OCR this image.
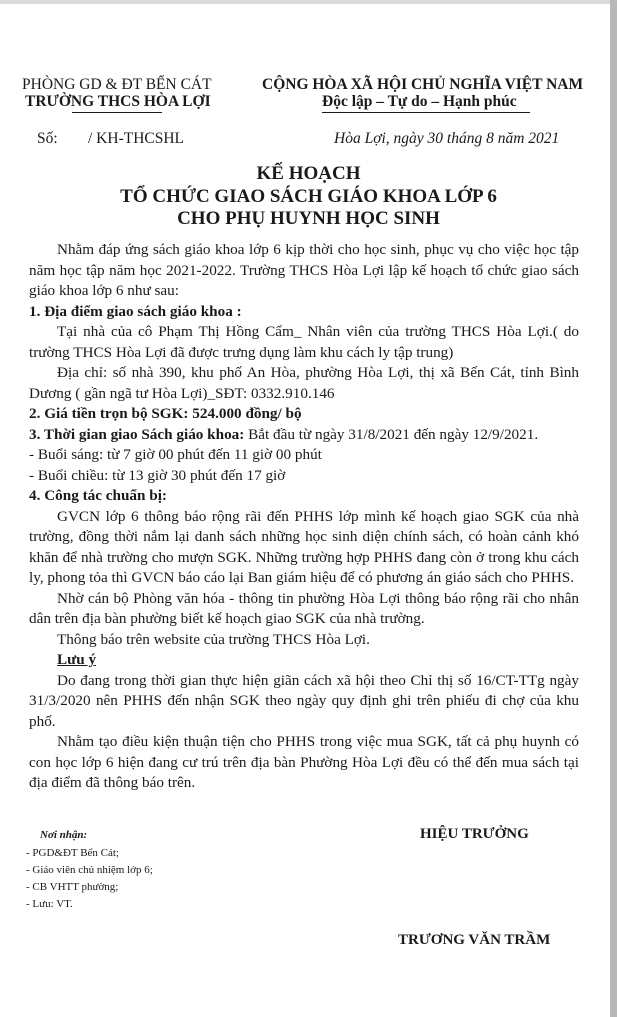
PHÒNG GD & ĐT BẾN CÁT
TRƯỜNG THCS HÒA LỢI
CỘNG HÒA XÃ HỘI CHỦ NGHĨA VIỆT NAM
Độc lập – Tự do – Hạnh phúc
Số: / KH-THCSHL	Hòa Lợi, ngày 30 tháng 8 năm 2021
KẾ HOẠCH
TỔ CHỨC GIAO SÁCH GIÁO KHOA LỚP 6
CHO PHỤ HUYNH HỌC SINH

Nhằm đáp ứng sách giáo khoa lớp 6 kịp thời cho học sinh, phục vụ cho việc học tập năm học tập năm học 2021-2022. Trường THCS Hòa Lợi lập kế hoạch tổ chức giao sách giáo khoa lớp 6 như sau:

1. Địa điểm giao sách giáo khoa :

Tại nhà của cô Phạm Thị Hồng Cẩm_ Nhân viên của trường THCS Hòa Lợi.( do trường THCS Hòa Lợi đã được trưng dụng làm khu cách ly tập trung)

Địa chỉ: số nhà 390, khu phố An Hòa, phường Hòa Lợi, thị xã Bến Cát, tỉnh Bình Dương ( gần ngã tư Hòa Lợi)_SĐT: 0332.910.146

2. Giá tiền trọn bộ SGK: 524.000 đồng/ bộ

3. Thời gian giao Sách giáo khoa: Bắt đầu từ ngày 31/8/2021 đến ngày 12/9/2021.

- Buổi sáng: từ 7 giờ 00 phút đến 11 giờ 00 phút

- Buổi chiều: từ 13 giờ 30 phút đến 17 giờ

4. Công tác chuẩn bị:

GVCN lớp 6 thông báo rộng rãi đến PHHS lớp mình kế hoạch giao SGK của nhà trường, đồng thời nắm lại danh sách những học sinh diện chính sách, có hoàn cảnh khó khăn để nhà trường cho mượn SGK. Những trường hợp PHHS đang còn ở trong khu cách ly, phong tỏa thì GVCN báo cáo lại Ban giám hiệu để có phương án giáo sách cho PHHS.

Nhờ cán bộ Phòng văn hóa - thông tin phường Hòa Lợi thông báo rộng rãi cho nhân dân trên địa bàn phường biết kế hoạch giao SGK của nhà trường.

Thông báo trên website của trường THCS Hòa Lợi.

Lưu ý

Do đang trong thời gian thực hiện giãn cách xã hội theo Chỉ thị số 16/CT-TTg ngày 31/3/2020 nên PHHS đến nhận SGK theo ngày quy định ghi trên phiếu đi chợ của khu phố.

Nhằm tạo điều kiện thuận tiện cho PHHS trong việc mua SGK, tất cả phụ huynh có con học lớp 6 hiện đang cư trú trên địa bàn Phường Hòa Lợi đều có thể đến mua sách tại địa điểm đã thông báo trên.

Nơi nhận:
- PGD&ĐT Bến Cát;
- Giáo viên chủ nhiệm lớp 6;
- CB VHTT phường;
- Lưu: VT.
HIỆU TRƯỞNG
TRƯƠNG VĂN TRẦM
